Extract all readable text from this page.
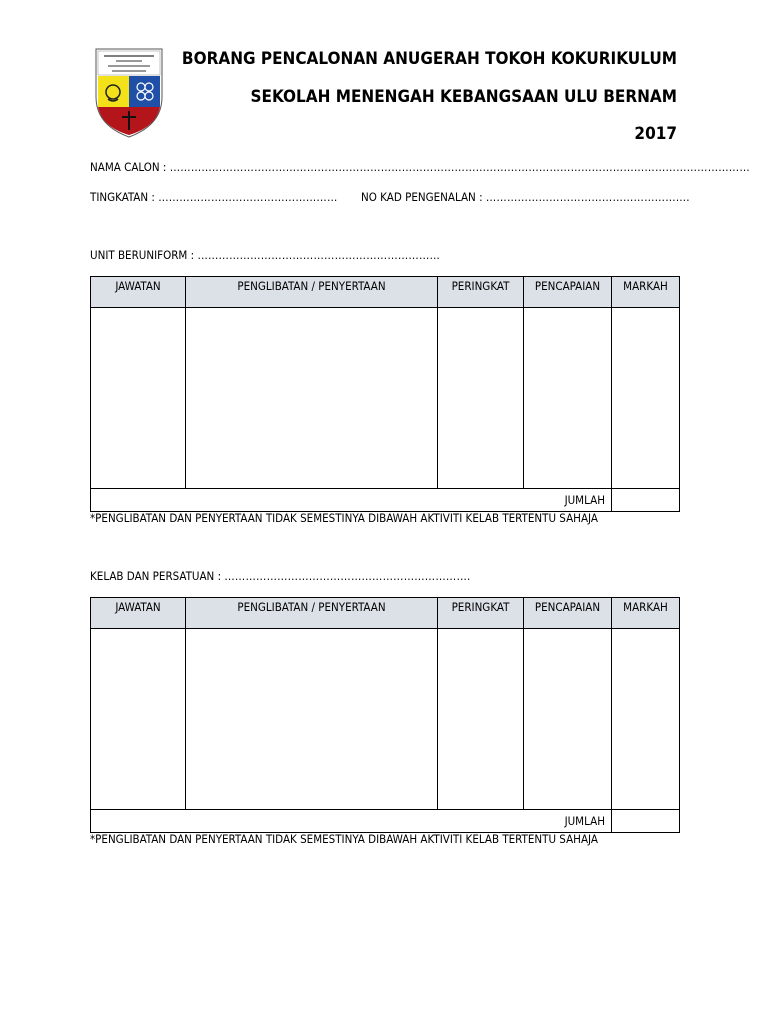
BORANG PENCALONAN ANUGERAH TOKOH KOKURIKULUM
SEKOLAH MENENGAH KEBANGSAAN ULU BERNAM
2017
NAMA CALON : …………………………………………………………………………………………………………………………………………………
TINGKATAN : …………………………………………… NO KAD PENGENALAN : ………………………………………………….
UNIT BERUNIFORM : ……………………………………………………………
JAWATAN	PENGLIBATAN / PENYERTAAN	PERINGKAT	PENCAPAIAN	MARKAH

JUMLAH				
*PENGLIBATAN DAN PENYERTAAN TIDAK SEMESTINYA DIBAWAH AKTIVITI KELAB TERTENTU SAHAJA
KELAB DAN PERSATUAN : …………………………………………………………….
JAWATAN	PENGLIBATAN / PENYERTAAN	PERINGKAT	PENCAPAIAN	MARKAH

JUMLAH				
*PENGLIBATAN DAN PENYERTAAN TIDAK SEMESTINYA DIBAWAH AKTIVITI KELAB TERTENTU SAHAJA
